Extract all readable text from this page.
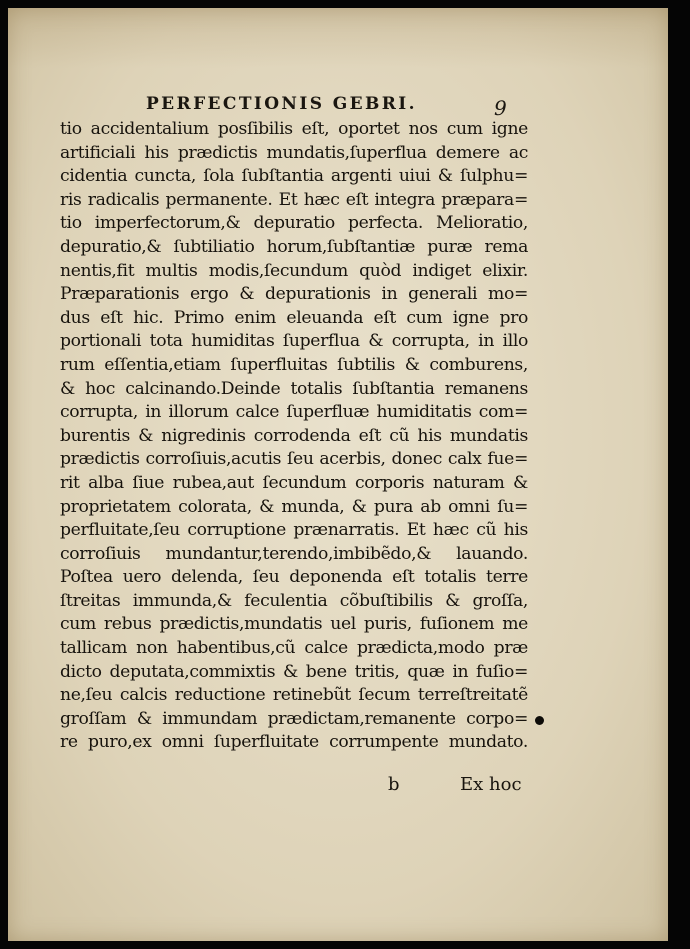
PERFECTIONIS GEBRI.	9
tio accidentalium posſibilis eſt, oportet nos cum igne
artificiali his prædictis mundatis,ſuperflua demere ac
cidentia cuncta, ſola ſubſtantia argenti uiui & ſulphu=
ris radicalis permanente. Et hæc eſt integra præpara=
tio imperfectorum,& depuratio perfecta. Melioratio,
depuratio,& ſubtiliatio horum,ſubſtantiæ puræ rema
nentis,fit multis modis,ſecundum quòd indiget elixir.
Præparationis ergo & depurationis in generali mo=
dus eſt hic. Primo enim eleuanda eſt cum igne pro
portionali tota humiditas ſuperflua & corrupta, in illo
rum eſſentia,etiam ſuperfluitas ſubtilis & comburens,
& hoc calcinando.Deinde totalis ſubſtantia remanens
corrupta, in illorum calce ſuperfluæ humiditatis com=
burentis & nigredinis corrodenda eſt cũ his mundatis
prædictis corroſiuis,acutis ſeu acerbis, donec calx fue=
rit alba ſiue rubea,aut ſecundum corporis naturam &
proprietatem colorata, & munda, & pura ab omni ſu=
perfluitate,ſeu corruptione prænarratis. Et hæc cũ his
corroſiuis mundantur,terendo,imbibẽdo,& lauando.
Poſtea uero delenda, ſeu deponenda eſt totalis terre
ſtreitas immunda,& feculentia cõbuſtibilis & groſſa,
cum rebus prædictis,mundatis uel puris, fuſionem me
tallicam non habentibus,cũ calce prædicta,modo præ
dicto deputata,commixtis & bene tritis, quæ in fuſio=
ne,ſeu calcis reductione retinebũt ſecum terreſtreitatẽ
groſſam & immundam prædictam,remanente corpo=
re puro,ex omni ſuperfluitate corrumpente mundato.
b	Ex hoc
